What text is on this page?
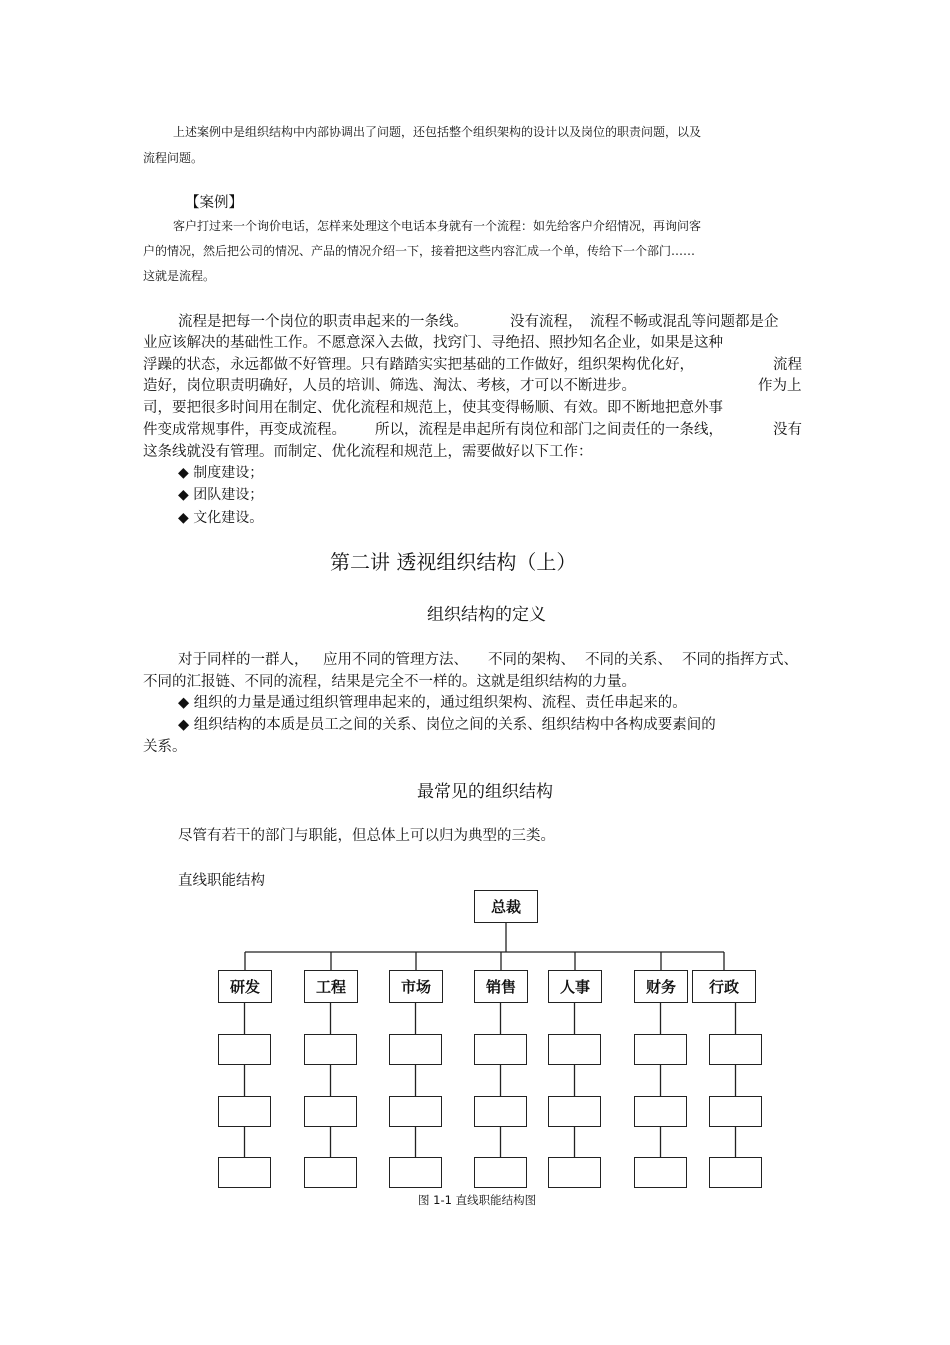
上述案例中是组织结构中内部协调出了问题，还包括整个组织架构的设计以及岗位的职责问题，以及
流程问题。
【案例】
客户打过来一个询价电话，怎样来处理这个电话本身就有一个流程：如先给客户介绍情况，再询问客
户的情况，然后把公司的情况、产品的情况介绍一下，接着把这些内容汇成一个单，传给下一个部门……
这就是流程。
流程是把每一个岗位的职责串起来的一条线。	没有流程， 流程不畅或混乱等问题都是企
业应该解决的基础性工作。不愿意深入去做，找窍门、寻绝招、照抄知名企业，如果是这种
浮躁的状态，永远都做不好管理。只有踏踏实实把基础的工作做好，组织架构优化好，	流程
造好，岗位职责明确好，人员的培训、筛选、淘汰、考核，才可以不断进步。	作为上
司，要把很多时间用在制定、优化流程和规范上，使其变得畅顺、有效。即不断地把意外事
件变成常规事件，再变成流程。 所以，流程是串起所有岗位和部门之间责任的一条线，	没有
这条线就没有管理。而制定、优化流程和规范上，需要做好以下工作：
◆ 制度建设；
◆ 团队建设；
◆ 文化建设。
第二讲 透视组织结构（上）
组织结构的定义
对于同样的一群人， 应用不同的管理方法、 不同的架构、 不同的关系、 不同的指挥方式、
不同的汇报链、不同的流程，结果是完全不一样的。这就是组织结构的力量。
◆ 组织的力量是通过组织管理串起来的，通过组织架构、流程、责任串起来的。
◆ 组织结构的本质是员工之间的关系、岗位之间的关系、组织结构中各构成要素间的
关系。
最常见的组织结构
尽管有若干的部门与职能，但总体上可以归为典型的三类。
直线职能结构
总裁
研发	工程	市场	销售	人事	财务	行政
图 1-1 直线职能结构图
